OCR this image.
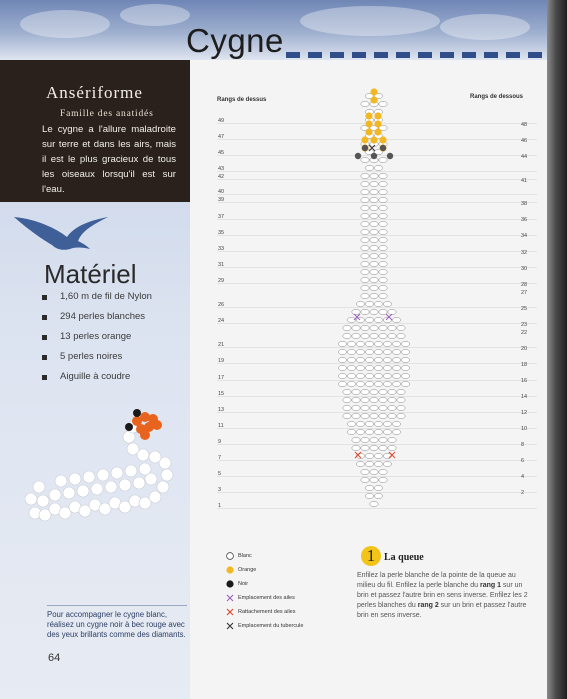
Cygne
Ansériforme
Famille des anatidés
Le cygne a l'allure maladroite sur terre et dans les airs, mais il est le plus gracieux de tous les oiseaux lorsqu'il est sur l'eau.
Matériel
1,60 m de fil de Nylon
294 perles blanches
13 perles orange
5 perles noires
Aiguille à coudre
Pour accompagner le cygne blanc, réalisez un cygne noir à bec rouge avec des yeux brillants comme des diamants.
64
Rangs de dessus	Rangs de dessous
49
47
45
43
42
40
39
37
35
33
31
29
26
24
21
19
17
15
13
11
9
7
5
3
1
48
46
44
41
38
36
34
32
30
28
27
25
23
22
20
18
16
14
12
10
8
6
4
2
Blanc
Orange
Noir
Emplacement des ailes
Rattachement des ailes
Emplacement du tubercule
1 La queue
Enfilez la perle blanche de la pointe de la queue au milieu du fil. Enfilez la perle blanche du rang 1 sur un brin et passez l'autre brin en sens inverse. Enfilez les 2 perles blanches du rang 2 sur un brin et passez l'autre brin en sens inverse.
